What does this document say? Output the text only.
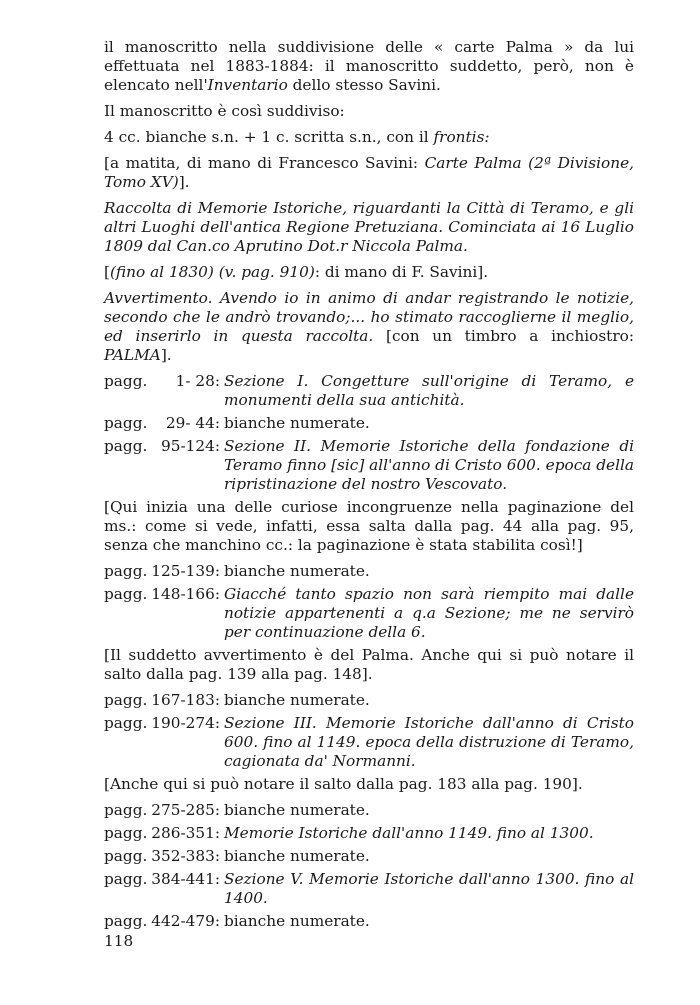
il manoscritto nella suddivisione delle « carte Palma » da lui effettuata nel 1883-1884: il manoscritto suddetto, però, non è elencato nell'Inventario dello stesso Savini.

Il manoscritto è così suddiviso:

4 cc. bianche s.n. + 1 c. scritta s.n., con il frontis:

[a matita, di mano di Francesco Savini: Carte Palma (2ª Divisione, Tomo XV)].

Raccolta di Memorie Istoriche, riguardanti la Città di Teramo, e gli altri Luoghi dell'antica Regione Pretuziana. Cominciata ai 16 Luglio 1809 dal Can.co Aprutino Dot.r Niccola Palma.

[(fino al 1830) (v. pag. 910): di mano di F. Savini].

Avvertimento. Avendo io in animo di andar registrando le notizie, secondo che le andrò trovando;... ho stimato raccoglierne il meglio, ed inserirlo in questa raccolta. [con un timbro a inchiostro: PALMA].

pagg.	1- 28: Sezione I. Congetture sull'origine di Teramo, e monumenti della sua antichità.
pagg.	29- 44: bianche numerate.
pagg. 95-124: Sezione II. Memorie Istoriche della fondazione di Teramo finno [sic] all'anno di Cristo 600. epoca della ripristinazione del nostro Vescovato.

[Qui inizia una delle curiose incongruenze nella paginazione del ms.: come si vede, infatti, essa salta dalla pag. 44 alla pag. 95, senza che manchino cc.: la paginazione è stata stabilita così!]

pagg. 125-139: bianche numerate.
pagg. 148-166: Giacché tanto spazio non sarà riempito mai dalle notizie appartenenti a q.a Sezione; me ne servirò per continuazione della 6.

[Il suddetto avvertimento è del Palma. Anche qui si può notare il salto dalla pag. 139 alla pag. 148].

pagg. 167-183: bianche numerate.
pagg. 190-274: Sezione III. Memorie Istoriche dall'anno di Cristo 600. fino al 1149. epoca della distruzione di Teramo, cagionata da' Normanni.

[Anche qui si può notare il salto dalla pag. 183 alla pag. 190].

pagg. 275-285: bianche numerate.
pagg. 286-351: Memorie Istoriche dall'anno 1149. fino al 1300.
pagg. 352-383: bianche numerate.
pagg. 384-441: Sezione V. Memorie Istoriche dall'anno 1300. fino al 1400.
pagg. 442-479: bianche numerate.
118
